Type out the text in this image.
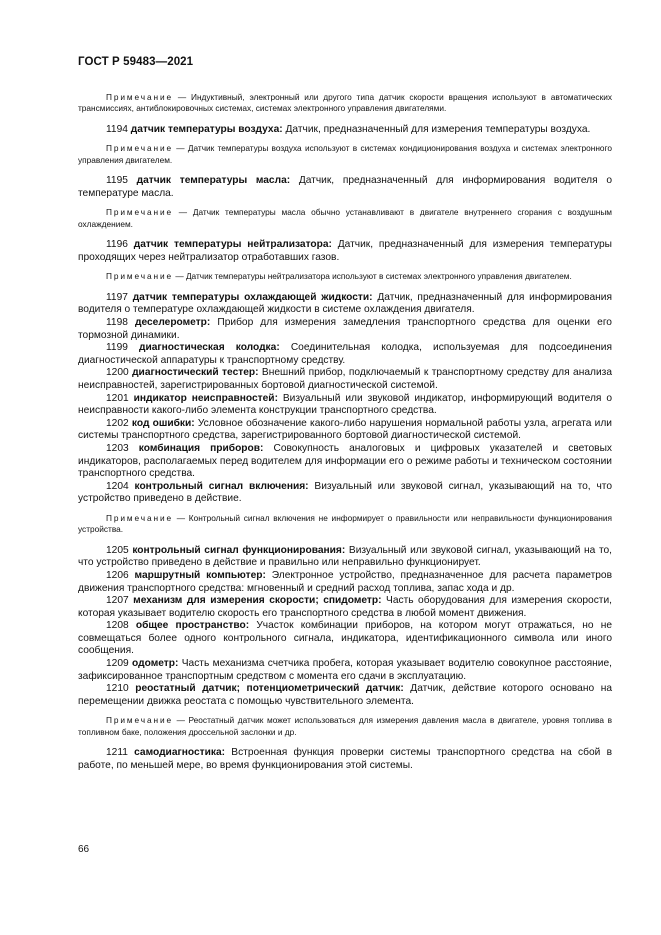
ГОСТ Р 59483—2021
Примечание — Индуктивный, электронный или другого типа датчик скорости вращения используют в автоматических трансмиссиях, антиблокировочных системах, системах электронного управления двигателями.
1194 датчик температуры воздуха: Датчик, предназначенный для измерения температуры воздуха.
Примечание — Датчик температуры воздуха используют в системах кондиционирования воздуха и системах электронного управления двигателем.
1195 датчик температуры масла: Датчик, предназначенный для информирования водителя о температуре масла.
Примечание — Датчик температуры масла обычно устанавливают в двигателе внутреннего сгорания с воздушным охлаждением.
1196 датчик температуры нейтрализатора: Датчик, предназначенный для измерения температуры проходящих через нейтрализатор отработавших газов.
Примечание — Датчик температуры нейтрализатора используют в системах электронного управления двигателем.
1197 датчик температуры охлаждающей жидкости: Датчик, предназначенный для информирования водителя о температуре охлаждающей жидкости в системе охлаждения двигателя.
1198 деселерометр: Прибор для измерения замедления транспортного средства для оценки его тормозной динамики.
1199 диагностическая колодка: Соединительная колодка, используемая для подсоединения диагностической аппаратуры к транспортному средству.
1200 диагностический тестер: Внешний прибор, подключаемый к транспортному средству для анализа неисправностей, зарегистрированных бортовой диагностической системой.
1201 индикатор неисправностей: Визуальный или звуковой индикатор, информирующий водителя о неисправности какого-либо элемента конструкции транспортного средства.
1202 код ошибки: Условное обозначение какого-либо нарушения нормальной работы узла, агрегата или системы транспортного средства, зарегистрированного бортовой диагностической системой.
1203 комбинация приборов: Совокупность аналоговых и цифровых указателей и световых индикаторов, располагаемых перед водителем для информации его о режиме работы и техническом состоянии транспортного средства.
1204 контрольный сигнал включения: Визуальный или звуковой сигнал, указывающий на то, что устройство приведено в действие.
Примечание — Контрольный сигнал включения не информирует о правильности или неправильности функционирования устройства.
1205 контрольный сигнал функционирования: Визуальный или звуковой сигнал, указывающий на то, что устройство приведено в действие и правильно или неправильно функционирует.
1206 маршрутный компьютер: Электронное устройство, предназначенное для расчета параметров движения транспортного средства: мгновенный и средний расход топлива, запас хода и др.
1207 механизм для измерения скорости; спидометр: Часть оборудования для измерения скорости, которая указывает водителю скорость его транспортного средства в любой момент движения.
1208 общее пространство: Участок комбинации приборов, на котором могут отражаться, но не совмещаться более одного контрольного сигнала, индикатора, идентификационного символа или иного сообщения.
1209 одометр: Часть механизма счетчика пробега, которая указывает водителю совокупное расстояние, зафиксированное транспортным средством с момента его сдачи в эксплуатацию.
1210 реостатный датчик; потенциометрический датчик: Датчик, действие которого основано на перемещении движка реостата с помощью чувствительного элемента.
Примечание — Реостатный датчик может использоваться для измерения давления масла в двигателе, уровня топлива в топливном баке, положения дроссельной заслонки и др.
1211 самодиагностика: Встроенная функция проверки системы транспортного средства на сбой в работе, по меньшей мере, во время функционирования этой системы.
66
